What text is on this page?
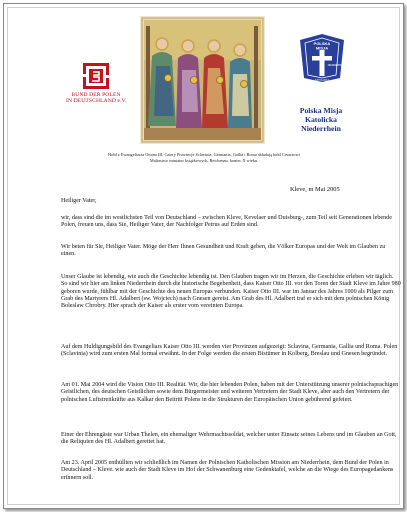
BUND DER POLEN
IN DEUTSCHLAND e.V.
Hołd z Ewangeliarza Ottona III, Cztery Prowincje Sclavinia, Germania, Gallia i Roma składają hołd Cesarzowi
Malarstwo miniatur książkowych, Reichenau, koniec X wieku.
POLSKA
MISJA
KATOLICKA
NIEDERRHEIN
Polska Misja
Katolicka
Niederrhein
Kleve, m Mai 2005
Heiliger Vater,

wir, dass sind die im westlichsten Teil von Deutschland – zwischen Kleve, Kevelaer und Duisburg-, zum Teil seit Generationen lebende Polen, freuen uns, dass Sie, Heiliger Vater, der Nachfolger Petrus auf Erden sind.

Wir beten für Sie, Heiliger Vater. Möge der Herr Ihnen Gesundheit und Kraft geben, die Völker Europas und der Welt im Glauben zu einen.

Unser Glaube ist lebendig, wie auch die Geschichte lebendig ist. Den Glauben tragen wir im Herzen, die Geschichte erleben wir täglich. So sind wir hier am linken Niederrhein durch die historische Begebenheit, dass Kaiser Otto III. vor den Toren der Stadt Kleve im Jahre 980 geboren wurde, fühlbar mit der Geschichte des neuen Europas verbunden. Kaiser Otto III. war im Januar des Jahres 1000 als Pilger zum Grab des Martyrers Hl. Adalbert (sw. Wojciech) nach Gnesen gereist. Am Grab des Hl. Adalbert traf er sich mit dem polnischen König Boleslaw Chrobry. Hier sprach der Kaiser als erster vom vereinten Europa.

Auf dem Huldigungsbild des Evangeliars Kaiser Otto III. werden vier Provinzen aufgezeigt: Sclavina, Germania, Gallia und Roma. Polen (Sclavinia) wird zum ersten Mal formal erwähnt. In der Folge werden die ersten Bistümer in Kolberg, Breslau und Gnesen begründet.

Am 01. Mai 2004 wird die Vision Otto III. Realität. Wir, die hier lebenden Polen, haben mit der Unterstützung unserer polnischsprachigen Geistlichen, des deutschen Geistlichen sowie dem Bürgermeister und weiteren Vertretern der Stadt Kleve, aber auch den Vertretern der polnischen Luftstreitkräfte aus Kalkar den Beitritt Polens in die Strukturen der Europäischen Union gebührend gefeiert.

Einer der Ehrengäste war Urban Thelen, ein ehemaliger Wehrmachtssoldat, welcher unter Einsatz seines Lebens und im Glauben an Gott, die Reliquien des Hl. Adalbert gerettet hat.

Am 23. April 2005 enthüllten wir schließlich im Namen der Polnischen Katholischen Mission am Niederrhein, dem Bund der Polen in Deutschland – Kleve. wie auch der Stadt Kleve im Hof der Schwanenburg eine Gedenktafel, welche an die Wiege des Europagedankens erinnern soll.
